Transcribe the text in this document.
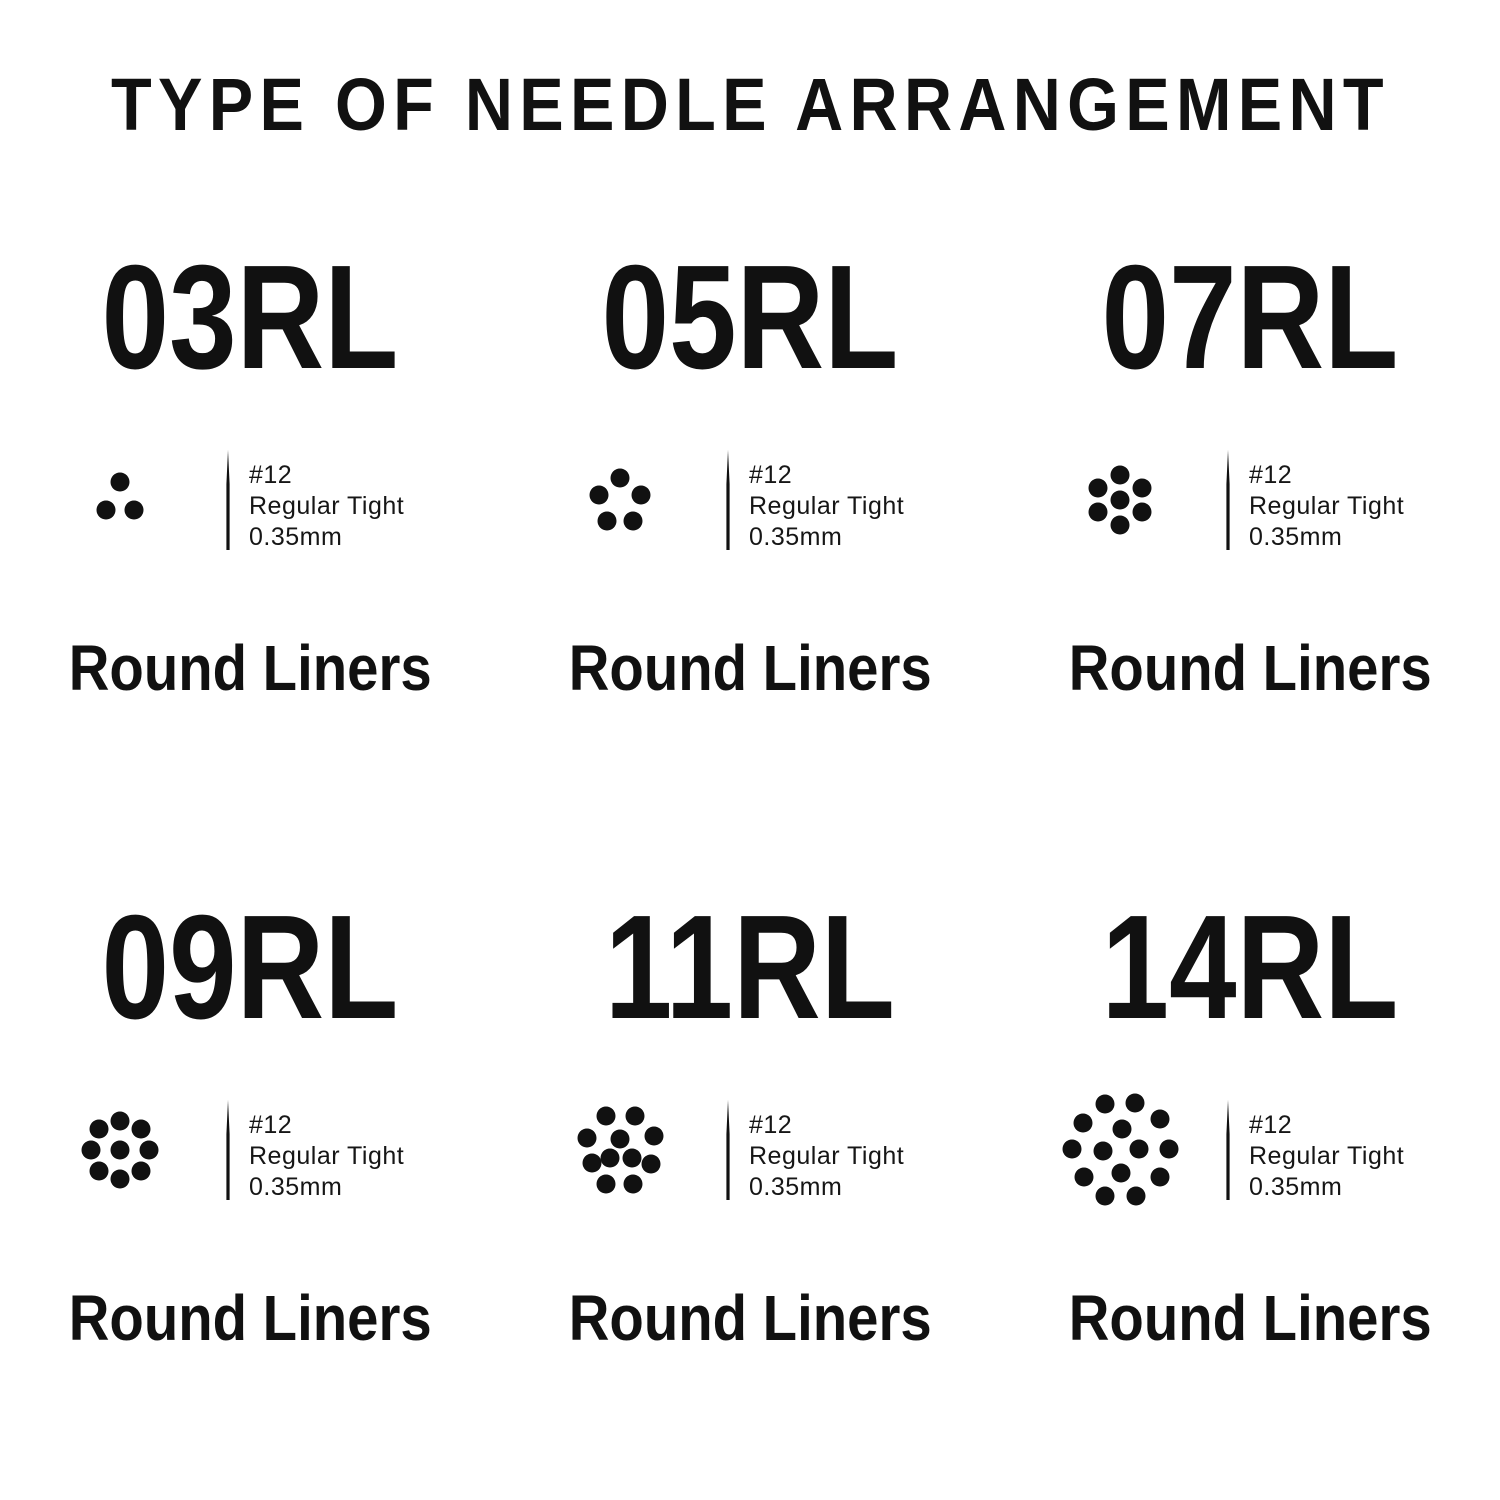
TYPE OF NEEDLE ARRANGEMENT
03RL
#12
Regular Tight
0.35mm
Round Liners
05RL
#12
Regular Tight
0.35mm
Round Liners
07RL
#12
Regular Tight
0.35mm
Round Liners
09RL
#12
Regular Tight
0.35mm
Round Liners
11RL
#12
Regular Tight
0.35mm
Round Liners
14RL
#12
Regular Tight
0.35mm
Round Liners
